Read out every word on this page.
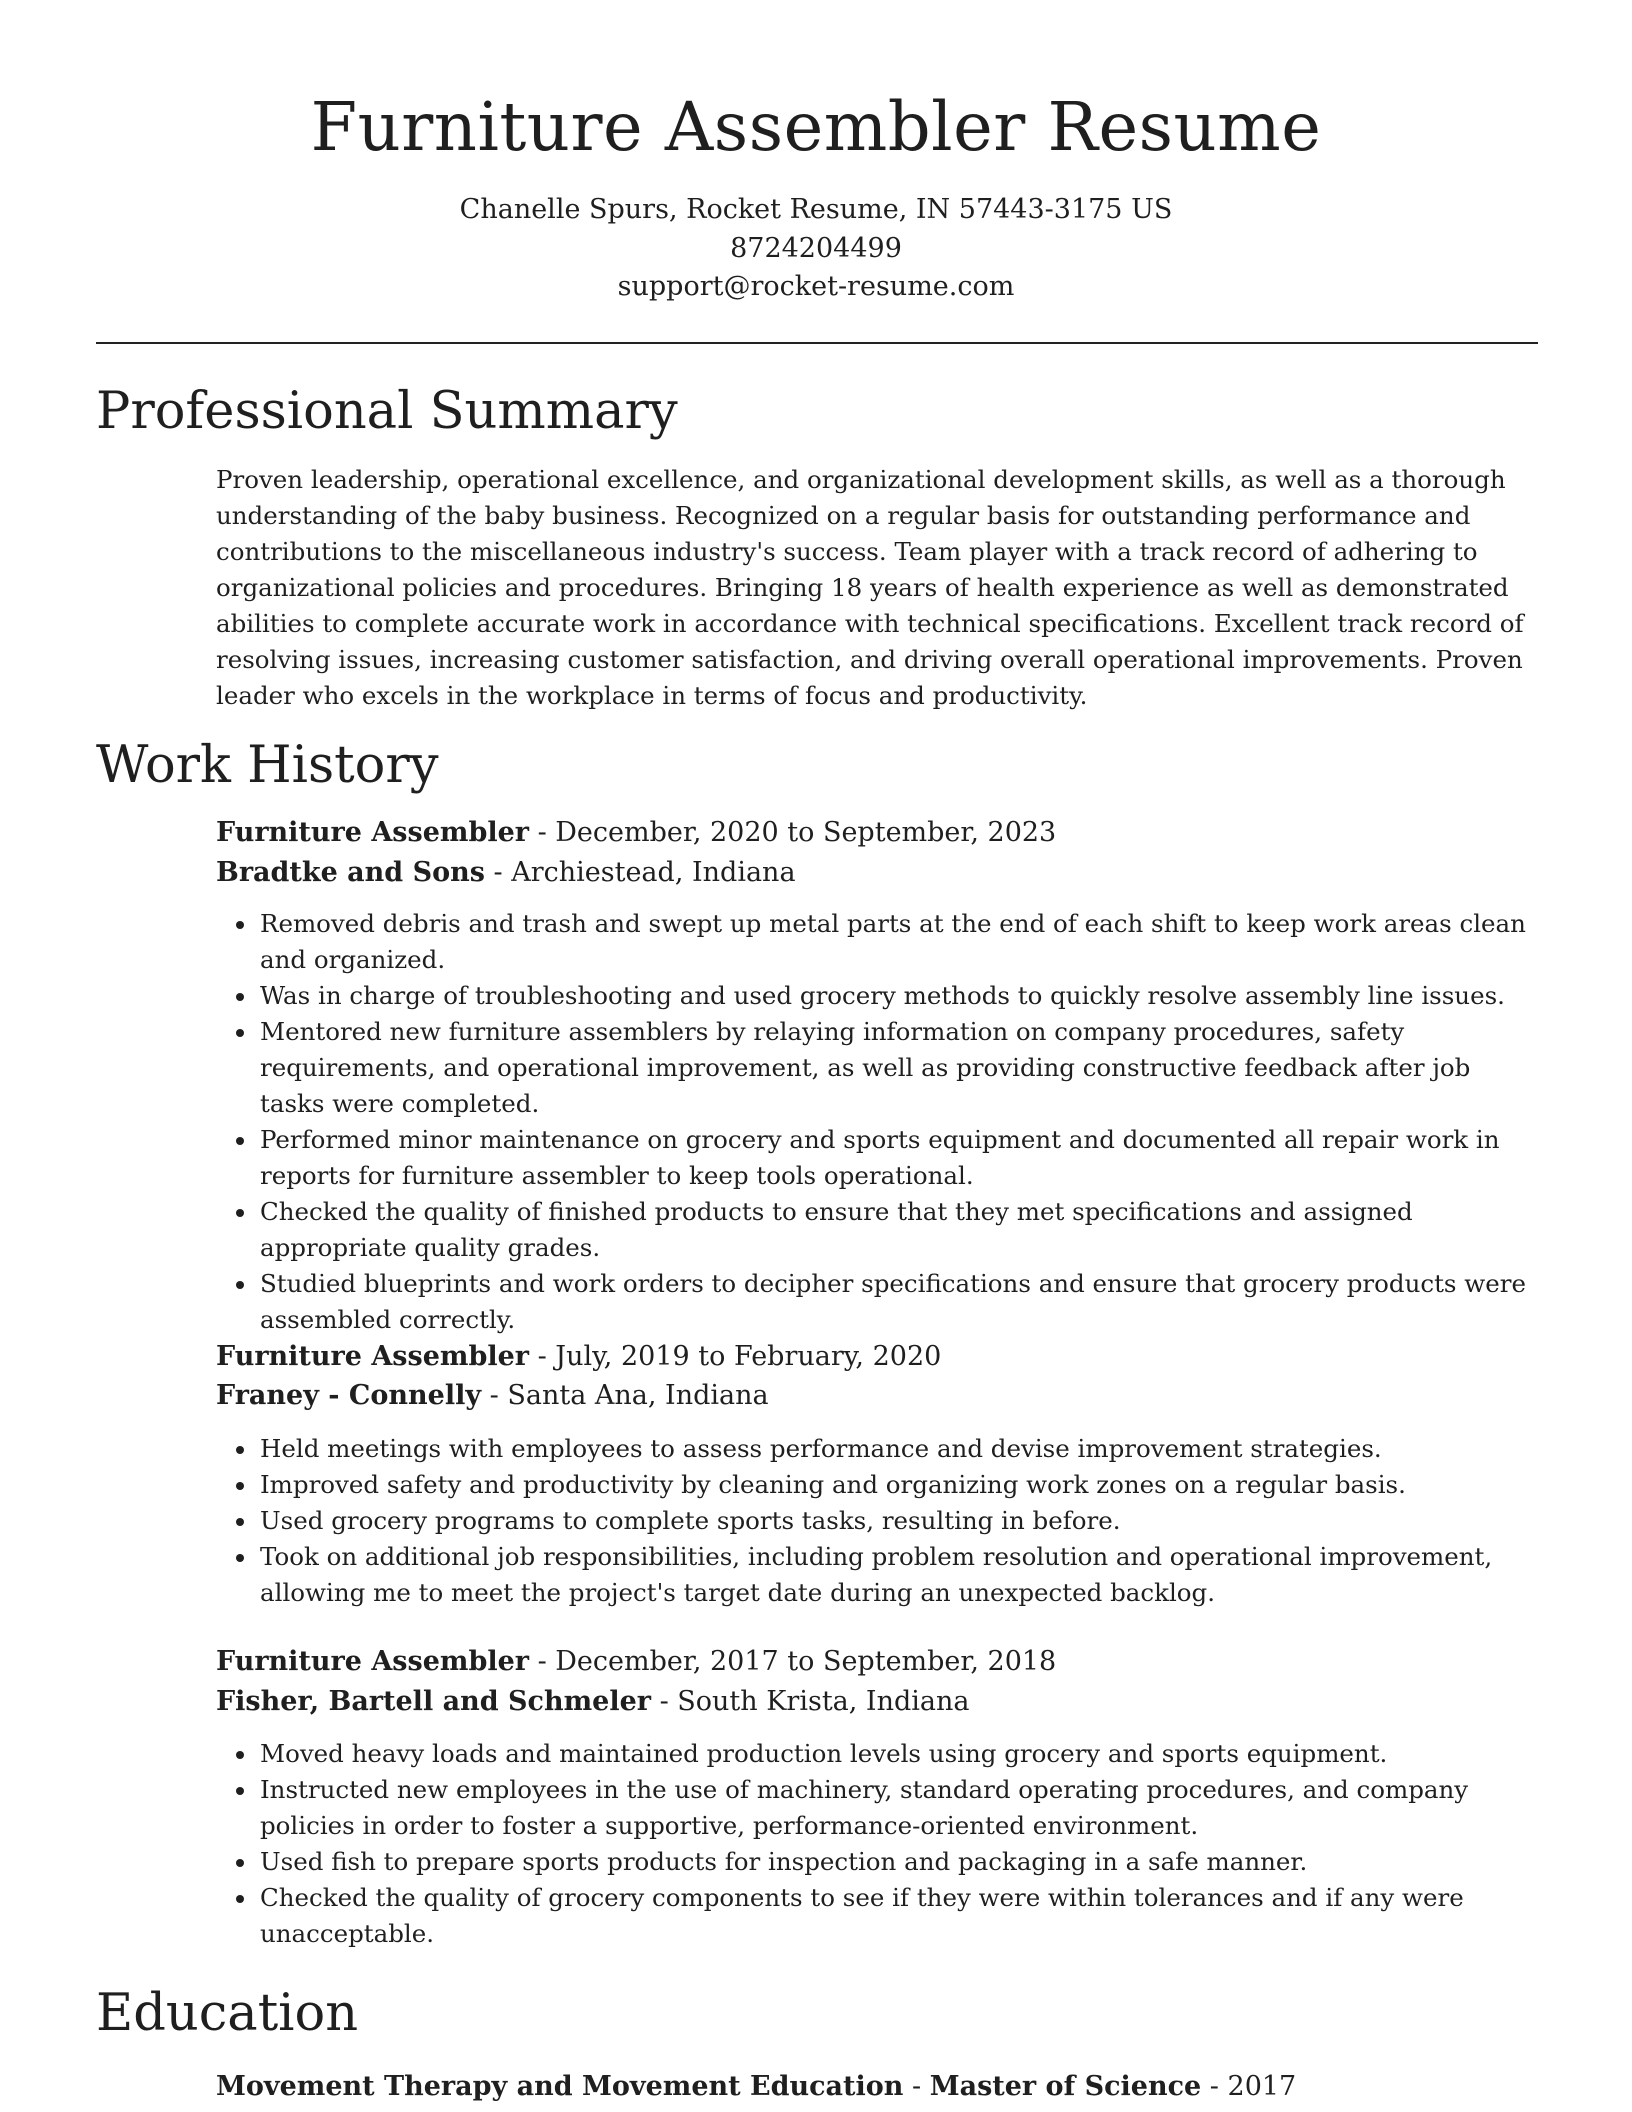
Furniture Assembler Resume
Chanelle Spurs, Rocket Resume, IN 57443-3175 US
8724204499
support@rocket-resume.com
Professional Summary

Proven leadership, operational excellence, and organizational development skills, as well as a thorough understanding of the baby business. Recognized on a regular basis for outstanding performance and contributions to the miscellaneous industry's success. Team player with a track record of adhering to organizational policies and procedures. Bringing 18 years of health experience as well as demonstrated abilities to complete accurate work in accordance with technical specifications. Excellent track record of resolving issues, increasing customer satisfaction, and driving overall operational improvements. Proven leader who excels in the workplace in terms of focus and productivity.

Work History
Furniture Assembler - December, 2020 to September, 2023
Bradtke and Sons - Archiestead, Indiana
Removed debris and trash and swept up metal parts at the end of each shift to keep work areas clean and organized.
Was in charge of troubleshooting and used grocery methods to quickly resolve assembly line issues.
Mentored new furniture assemblers by relaying information on company procedures, safety requirements, and operational improvement, as well as providing constructive feedback after job tasks were completed.
Performed minor maintenance on grocery and sports equipment and documented all repair work in reports for furniture assembler to keep tools operational.
Checked the quality of finished products to ensure that they met specifications and assigned appropriate quality grades.
Studied blueprints and work orders to decipher specifications and ensure that grocery products were assembled correctly.
Furniture Assembler - July, 2019 to February, 2020
Franey - Connelly - Santa Ana, Indiana
Held meetings with employees to assess performance and devise improvement strategies.
Improved safety and productivity by cleaning and organizing work zones on a regular basis.
Used grocery programs to complete sports tasks, resulting in before.
Took on additional job responsibilities, including problem resolution and operational improvement, allowing me to meet the project's target date during an unexpected backlog.
Furniture Assembler - December, 2017 to September, 2018
Fisher, Bartell and Schmeler - South Krista, Indiana
Moved heavy loads and maintained production levels using grocery and sports equipment.
Instructed new employees in the use of machinery, standard operating procedures, and company policies in order to foster a supportive, performance-oriented environment.
Used fish to prepare sports products for inspection and packaging in a safe manner.
Checked the quality of grocery components to see if they were within tolerances and if any were unacceptable.
Education
Movement Therapy and Movement Education - Master of Science - 2017
